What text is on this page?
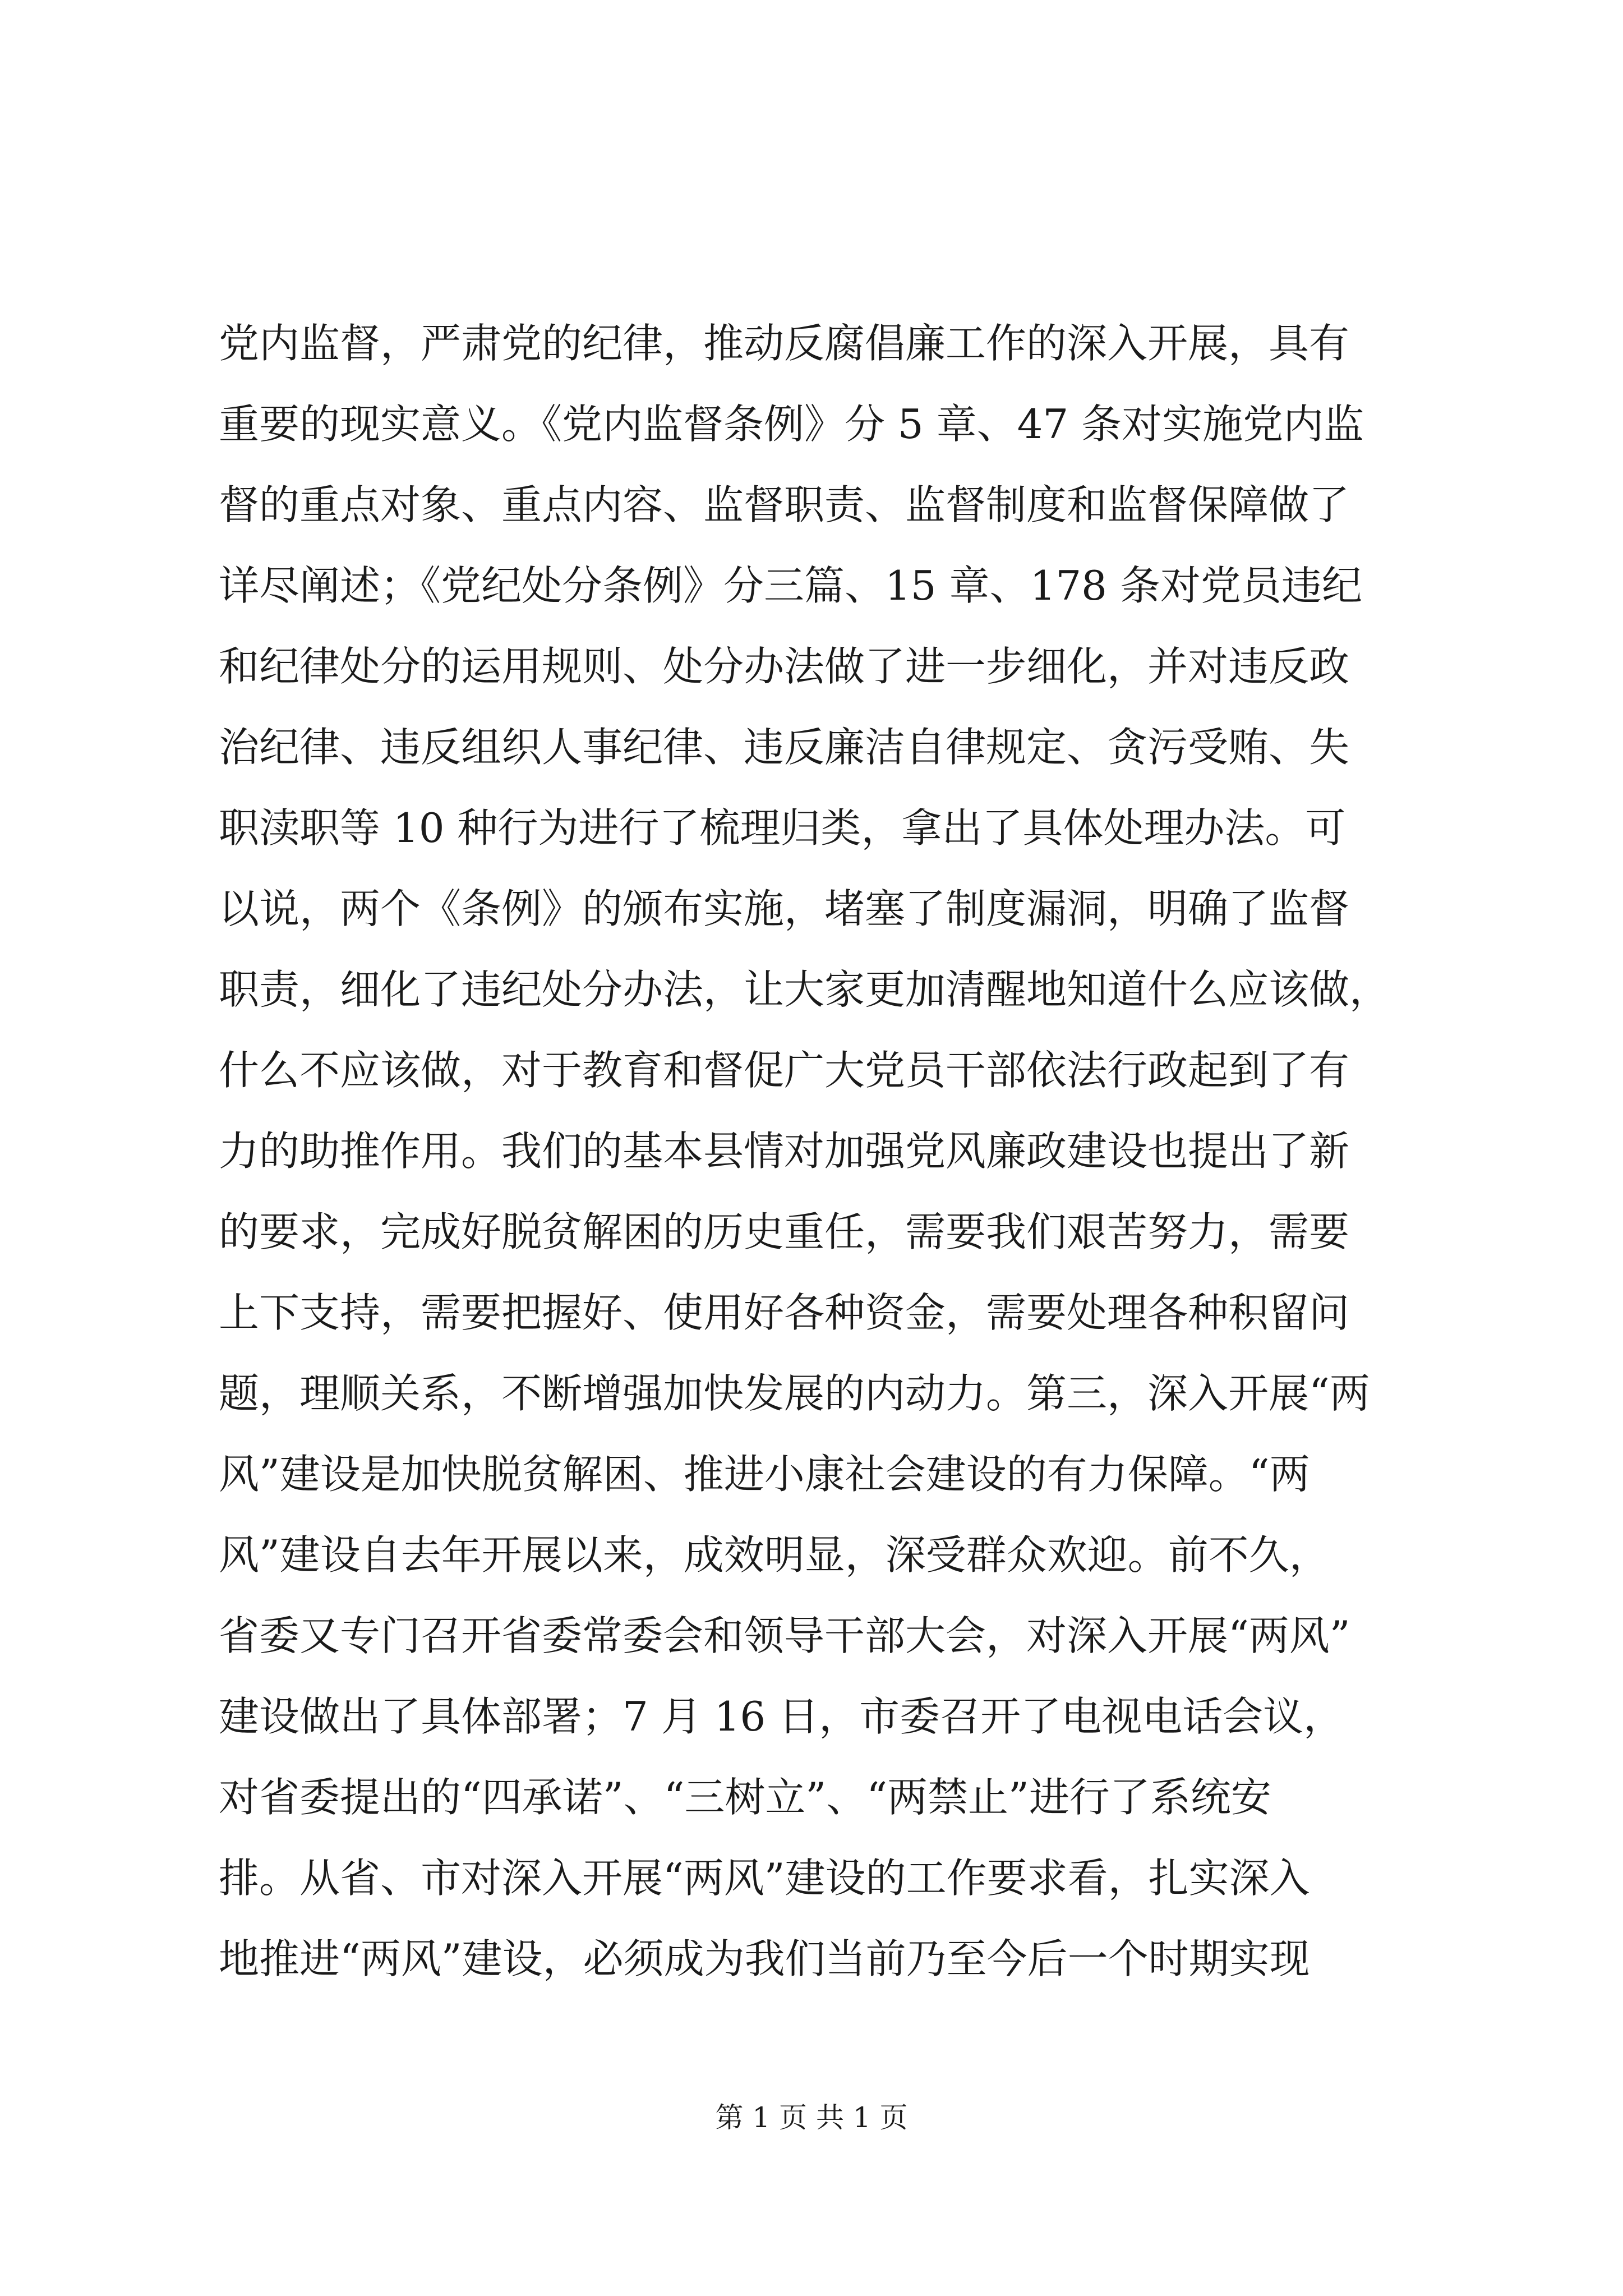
党内监督，严肃党的纪律，推动反腐倡廉工作的深入开展，具有
重要的现实意义。《党内监督条例》分 5 章、47 条对实施党内监
督的重点对象、重点内容、监督职责、监督制度和监督保障做了
详尽阐述；《党纪处分条例》分三篇、15 章、178 条对党员违纪
和纪律处分的运用规则、处分办法做了进一步细化，并对违反政
治纪律、违反组织人事纪律、违反廉洁自律规定、贪污受贿、失
职渎职等 10 种行为进行了梳理归类，拿出了具体处理办法。可
以说，两个《条例》的颁布实施，堵塞了制度漏洞，明确了监督
职责，细化了违纪处分办法，让大家更加清醒地知道什么应该做，
什么不应该做，对于教育和督促广大党员干部依法行政起到了有
力的助推作用。我们的基本县情对加强党风廉政建设也提出了新
的要求，完成好脱贫解困的历史重任，需要我们艰苦努力，需要
上下支持，需要把握好、使用好各种资金，需要处理各种积留问
题，理顺关系，不断增强加快发展的内动力。第三，深入开展“两
风”建设是加快脱贫解困、推进小康社会建设的有力保障。“两
风”建设自去年开展以来，成效明显，深受群众欢迎。前不久，
省委又专门召开省委常委会和领导干部大会，对深入开展“两风”
建设做出了具体部署；7 月 16 日，市委召开了电视电话会议，
对省委提出的“四承诺”、“三树立”、“两禁止”进行了系统安
排。从省、市对深入开展“两风”建设的工作要求看，扎实深入
地推进“两风”建设，必须成为我们当前乃至今后一个时期实现
第 1 页 共 1 页
